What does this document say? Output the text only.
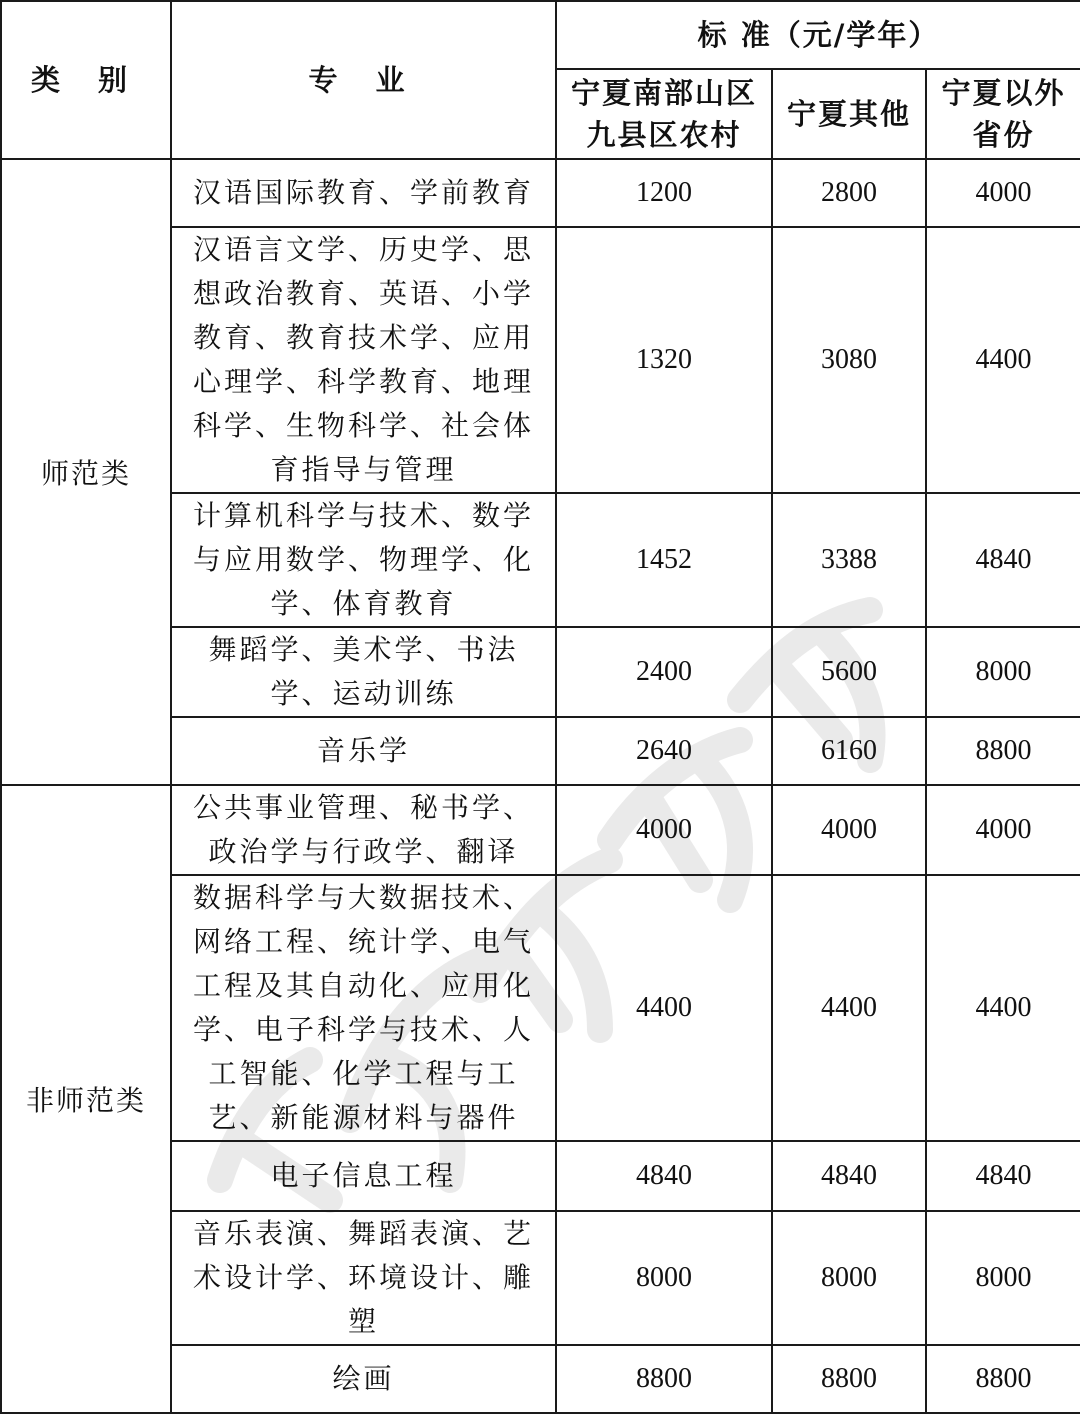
类 别	专 业	标 准（元/学年）		
		宁夏南部山区九县区农村	宁夏其他	宁夏以外省份
师范类	汉语国际教育、学前教育	1200	2800	4000
	汉语言文学、历史学、思想政治教育、英语、小学教育、教育技术学、应用心理学、科学教育、地理科学、生物科学、社会体育指导与管理	1320	3080	4400
	计算机科学与技术、数学与应用数学、物理学、化学、体育教育	1452	3388	4840
	舞蹈学、美术学、书法学、运动训练	2400	5600	8000
	音乐学	2640	6160	8800
非师范类	公共事业管理、秘书学、政治学与行政学、翻译	4000	4000	4000
	数据科学与大数据技术、网络工程、统计学、电气工程及其自动化、应用化学、电子科学与技术、人工智能、化学工程与工艺、新能源材料与器件	4400	4400	4400
	电子信息工程	4840	4840	4840
	音乐表演、舞蹈表演、艺术设计学、环境设计、雕塑	8000	8000	8000
	绘画	8800	8800	8800
